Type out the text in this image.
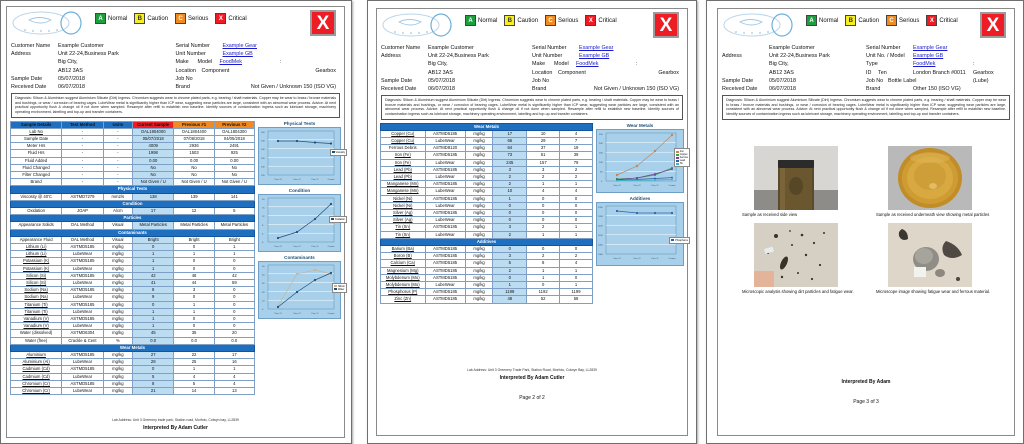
A Normal	B Caution	C Serious	X Critical	X
Customer Name	Example Customer
Address	Unit 22-24,Business Park
Big City,
AB12 3AS
Sample Date	05/07/2018
Received Date	06/07/2018
Serial Number	Example Gear
Unit Number	Example GB
Make	Model	FoodMek	:
Location	Component	Gearbox
Job No
Brand	Not Given / Unknown 150 (ISO VG)
Diagnosis: Silicon & Aluminium suggest Aluminium Silicate (Dirt) Ingress. Chromium suggests wear to chrome plated parts, e.g. bearing / shaft materials. Copper may be wear to brass / bronze materials and bushings, or wear / corrosion of bearing cages. LubeWear metal is significantly higher than ICP wear, suggesting wear particles are large, consistent with an abnormal wear process. Advice: At next practical opportunity flush & change oil if not done when sampled. Resample after refill to establish new baseline. Identify sources of contamination ingress such as lubricant storage, machinery operating environment, labelling and top-up and transfer containers.
Sample Details	Test Method	Units	Current Sample	Previous #1	Previous #2
Lab No	-	-	OAL1904000	OAL1804400	OAL1804300
Sample Date	-	-	05/07/2018	07/06/2018	04/05/2018
Meter Hrs	-	-	4009	2936	2491
Fluid Hrs	-	-	1998	1503	925
Fluid Added	-	-	0.00	0.00	0.00
Fluid Changed	-	-	No	No	No
Filter Changed	-	-	No	No	No
Brand	-	-	Not Given / U	Not Given / U	Not Given / U
Physical Tests					
Viscosity @ 40'C	ASTMD7279	mm2/s	138	139	141
Condition					
Oxidation	JOAP	A/cm	17	12	5
Particles					
Appearance Solids	OAL Method	Visual	Metal Particles	Metal Particles	Metal Particles
Contaminants					
Appearance Fluid	OAL Method	Visual	Bright	Bright	Bright
Lithium (Li)	ASTMD5185	mg/kg	0	0	1
Lithium (Li)	LubeWear	mg/kg	1	1	1
Potassium (K)	ASTMD5185	mg/kg	1	0	0
Potassium (K)	LubeWear	mg/kg	1	0	0
Silicon (Si)	ASTMD5185	mg/kg	42	48	42
Silicon (Si)	LubeWear	mg/kg	41	44	59
Sodium (Na)	ASTMD5185	mg/kg	8	3	0
Sodium (Na)	LubeWear	mg/kg	9	0	0
Titanium (Ti)	ASTMD5185	mg/kg	0	1	0
Titanium (Ti)	LubeWear	mg/kg	1	1	0
Vanadium (V)	ASTMD5185	mg/kg	1	0	0
Vanadium (V)	LubeWear	mg/kg	1	0	0
Water (dissolved)	ASTMD6304	mg/kg	45	35	20
Water (free)	Crackle & Cent	%	0.0	0.0	0.0
Wear Metals					
Aluminium	ASTMD5185	mg/kg	27	22	17
Aluminium (Al)	LubeWear	mg/kg	28	25	16
Cadmium (Cd)	ASTMD5185	mg/kg	0	1	1
Cadmium (Cd)	LubeWear	mg/kg	5	4	4
Chromium (Cr)	ASTMD5185	mg/kg	8	5	4
Chromium (Cr)	LubeWear	mg/kg	21	14	13
Physical Tests
150
145
140
135
130
120
Prev #3	Prev #2	Prev #1	Current
Viscosity
Condition
20
16
12
8
4
0
Prev #3	Prev #2	Prev #1	Current
Oxidation
Contaminants
50
40
30
20
10
0
Prev #3	Prev #2	Prev #1	Current
Silicon
Water
Lab Address: Unit 3 Greenery trade park, Station road, Morfoto, Colwyn bay, LL2839
Interpreted By Adam Cutler
A Normal	B Caution	C Serious	X Critical	X
Customer Name	Example Customer
Address	Unit 22-24,Business Park
Big City,
AB12 3AS
Sample Date	05/07/2018
Received Date	06/07/2018
Serial Number	Example Gear
Unit Number	Example GB
Make	Model	FoodMek	:
Location	Component	Gearbox
Job No
Brand	Not Given / Unknown 150 (ISO VG)
Diagnosis: Silicon & Aluminium suggest Aluminium Silicate (Dirt) Ingress. Chromium suggests wear to chrome plated parts, e.g. bearing / shaft materials. Copper may be wear to brass / bronze materials and bushings, or wear / corrosion of bearing cages. LubeWear metal is significantly higher than ICP wear, suggesting wear particles are large, consistent with an abnormal wear process. Advice: At next practical opportunity flush & change oil if not done when sampled. Resample after refill to establish new baseline. Identify sources of contamination ingress such as lubricant storage, machinery operating environment, labelling and top-up and transfer containers.
Wear Metals					
Copper (Cu)	ASTMD5185	mg/kg	17	10	4
Copper (Cu)	LubeWear	mg/kg	66	29	7
Ferrous Debris	ASTMD8120	mg/kg	64	37	19
Iron (Fe)	ASTMD5185	mg/kg	73	51	39
Iron (Fe)	LubeWear	mg/kg	245	157	79
Lead (Pb)	ASTMD5185	mg/kg	3	3	2
Lead (Pb)	LubeWear	mg/kg	2	2	2
Manganese (Mn)	ASTMD5185	mg/kg	2	1	1
Manganese (Mn)	LubeWear	mg/kg	10	4	4
Nickel (Ni)	ASTMD5185	mg/kg	1	0	0
Nickel (Ni)	LubeWear	mg/kg	0	0	0
Silver (Ag)	ASTMD5185	mg/kg	0	0	0
Silver (Ag)	LubeWear	mg/kg	0	0	0
Tin (Sn)	ASTMD5185	mg/kg	3	2	1
Tin (Sn)	LubeWear	mg/kg	2	1	1
Additives					
Barium (Ba)	ASTMD5185	mg/kg	0	0	0
Boron (B)	ASTMD5185	mg/kg	3	2	2
Calcium (Ca)	ASTMD5185	mg/kg	5	8	4
Magnesium (Mg)	ASTMD5185	mg/kg	2	1	1
Molybdenum (Mo)	ASTMD5185	mg/kg	0	1	0
Molybdenum (Mo)	LubeWear	mg/kg	1	0	1
Phosphorus (P)	ASTMD5185	mg/kg	1198	1192	1199
Zinc (Zn)	ASTMD5185	mg/kg	48	52	58
Wear Metals
250
200
150
100
50
0
Prev #3	Prev #2	Prev #1	Current
Iron
Copper
Ferrous
Lead
Tin
Additives
1250
1200
1150
1100
1050
1000
Prev #3	Prev #2	Prev #1	Current
Phosphorus
Lab Address: Unit 3 Greenery Trade Park, Station Road, Morfoto, Colwyn Bay, LL2839
Interpreted By Adam Cutler
Page 2 of 2
A Normal	B Caution	C Serious	X Critical	X
Example Customer
Address	Unit 22-24,Business Park
Big City,
AB12 3AS
Sample Date	05/07/2018
Received Date	06/07/2018
Serial Number	Example Gear
Unit No. / Model	Example GB
Type	FoodMek	:
ID	Ten	London Branch #0011	Gearbox (Lube)
Job No Bottle Label
Brand	Other 150 (ISO VG)
Diagnosis: Silicon & Aluminium suggest Aluminium Silicate (Dirt) Ingress. Chromium suggests wear to chrome plated parts, e.g. bearing / shaft materials. Copper may be wear to brass / bronze materials and bushings, or wear / corrosion of bearing cages. LubeWear metal is significantly higher than ICP wear, suggesting wear particles are large, consistent with an abnormal wear process. Advice: At next practical opportunity flush & change oil if not done when sampled. Resample after refill to establish new baseline. Identify sources of contamination ingress such as lubricant storage, machinery operating environment, labelling and top-up and transfer containers.
Sample as received side view	Sample as received underneath view showing metal particles
Microscopic analysis showing dirt particles and fatigue wear.	Microscope image showing fatigue wear and ferrous material.
Interpreted By Adam
Page 3 of 3
